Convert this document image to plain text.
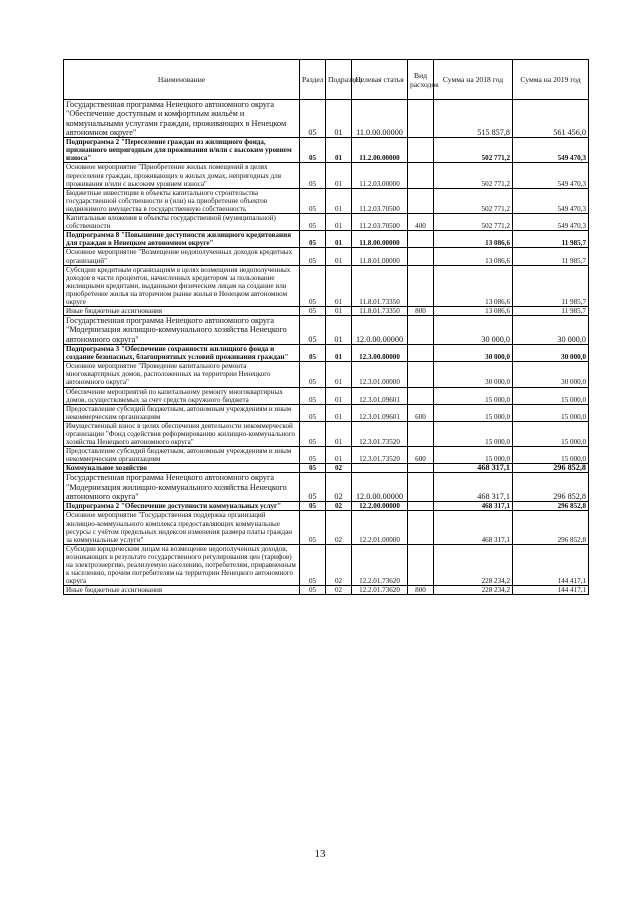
Наименование	Раздел	Подраздел	Целевая статья	Вид расходов	Сумма на 2018 год	Сумма на 2019 год
Государственная программа Ненецкого автономного округа "Обеспечение доступным и комфортным жильём и коммунальными услугами граждан, проживающих в Ненецком автономном округе"	05	01	11.0.00.00000		515 857,8	561 456,0
Подпрограмма 2 "Переселение граждан из жилищного фонда, признанного непригодным для проживания и/или с высоким уровнем износа"	05	01	11.2.00.00000		502 771,2	549 470,3
Основное мероприятие "Приобретение жилых помещений в целях переселения граждан, проживающих в жилых домах, непригодных для проживания и/или с высоким уровнем износа"	05	01	11.2.03.00000		502 771,2	549 470,3
Бюджетные инвестиции в объекты капитального строительства государственной собственности и (или) на приобретение объектов недвижимого имущества в государственную собственность	05	01	11.2.03.70500		502 771,2	549 470,3
Капитальные вложения в объекты государственной (муниципальной) собственности	05	01	11.2.03.70500	400	502 771,2	549 470,3
Подпрограмма 8 "Повышение доступности жилищного кредитования для граждан в Ненецком автономном округе"	05	01	11.8.00.00000		13 086,6	11 985,7
Основное мероприятие "Возмещение недополученных доходов кредитных организаций"	05	01	11.8.01.00000		13 086,6	11 985,7
Субсидии кредитным организациям в целях возмещения недополученных доходов в части процентов, начисленных кредитором за пользование жилищными кредитами, выданными физическим лицам на создание или приобретение жилья на вторичном рынке жилья в Ненецком автономном округе	05	01	11.8.01.73350		13 086,6	11 985,7
Иные бюджетные ассигнования	05	01	11.8.01.73350	800	13 086,6	11 985,7
Государственная программа Ненецкого автономного округа "Модернизация жилищно-коммунального хозяйства Ненецкого автономного округа"	05	01	12.0.00.00000		30 000,0	30 000,0
Подпрограмма 3 "Обеспечение сохранности жилищного фонда и создание безопасных, благоприятных условий проживания граждан"	05	01	12.3.00.00000		30 000,0	30 000,0
Основное мероприятие "Проведение капитального ремонта многоквартирных домов, расположенных на территории Ненецкого автономного округа"	05	01	12.3.01.00000		30 000,0	30 000,0
Обеспечение мероприятий по капитальному ремонту многоквартирных домов, осуществляемых за счет средств окружного бюджета	05	01	12.3.01.09601		15 000,0	15 000,0
Предоставление субсидий бюджетным, автономным учреждениям и иным некоммерческим организациям	05	01	12.3.01.09601	600	15 000,0	15 000,0
Имущественный взнос в целях обеспечения деятельности некоммерческой организации "Фонд содействия реформированию жилищно-коммунального хозяйства Ненецкого автономного округа"	05	01	12.3.01.73520		15 000,0	15 000,0
Предоставление субсидий бюджетным, автономным учреждениям и иным некоммерческим организациям	05	01	12.3.01.73520	600	15 000,0	15 000,0
Коммунальное хозяйство	05	02			468 317,1	296 852,8
Государственная программа Ненецкого автономного округа "Модернизация жилищно-коммунального хозяйства Ненецкого автономного округа"	05	02	12.0.00.00000		468 317,1	296 852,8
Подпрограмма 2 "Обеспечение доступности коммунальных услуг"	05	02	12.2.00.00000		468 317,1	296 852,8
Основное мероприятие "Государственная поддержка организаций жилищно-коммунального комплекса предоставляющих коммунальные ресурсы с учётом предельных индексов изменения размера платы граждан за коммунальные услуги"	05	02	12.2.01.00000		468 317,1	296 852,8
Субсидии юридическим лицам на возмещение недополученных доходов, возникающих в результате государственного регулирования цен (тарифов) на электроэнергию, реализуемую населению, потребителям, приравненным к населению, прочим потребителям на территории Ненецкого автономного округа	05	02	12.2.01.73620		228 234,2	144 417,1
Иные бюджетные ассигнования	05	02	12.2.01.73620	800	228 234,2	144 417,1
13
